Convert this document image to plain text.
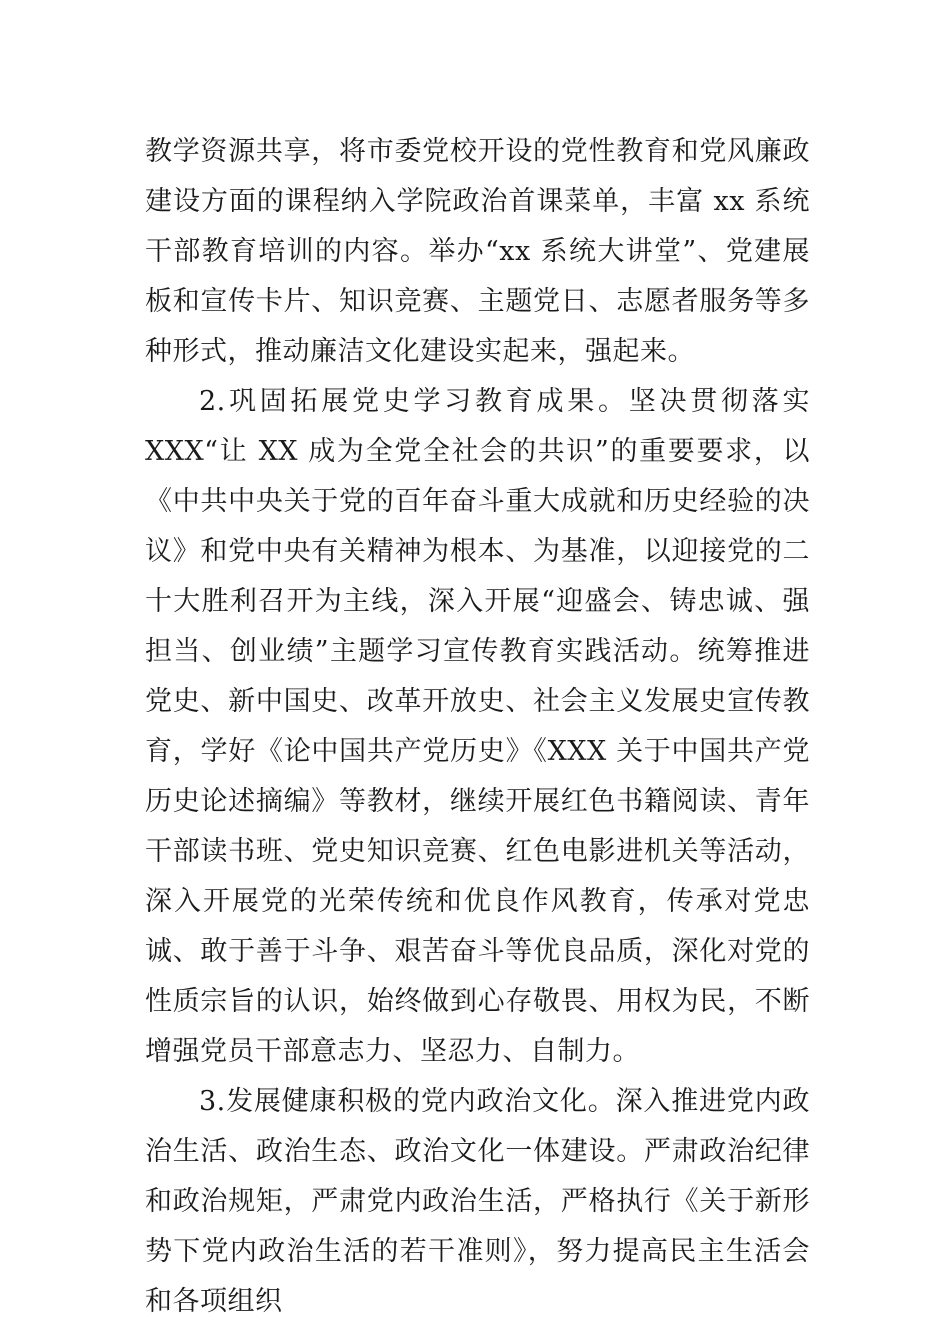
教学资源共享，将市委党校开设的党性教育和党风廉政建设方面的课程纳入学院政治首课菜单，丰富 xx 系统干部教育培训的内容。举办“xx 系统大讲堂”、党建展板和宣传卡片、知识竞赛、主题党日、志愿者服务等多种形式，推动廉洁文化建设实起来，强起来。

2.巩固拓展党史学习教育成果。坚决贯彻落实 XXX“让 XX 成为全党全社会的共识”的重要要求，以《中共中央关于党的百年奋斗重大成就和历史经验的决议》和党中央有关精神为根本、为基准，以迎接党的二十大胜利召开为主线，深入开展“迎盛会、铸忠诚、强担当、创业绩”主题学习宣传教育实践活动。统筹推进党史、新中国史、改革开放史、社会主义发展史宣传教育，学好《论中国共产党历史》《XXX 关于中国共产党历史论述摘编》等教材，继续开展红色书籍阅读、青年干部读书班、党史知识竞赛、红色电影进机关等活动，深入开展党的光荣传统和优良作风教育，传承对党忠诚、敢于善于斗争、艰苦奋斗等优良品质，深化对党的性质宗旨的认识，始终做到心存敬畏、用权为民，不断增强党员干部意志力、坚忍力、自制力。

3.发展健康积极的党内政治文化。深入推进党内政治生活、政治生态、政治文化一体建设。严肃政治纪律和政治规矩，严肃党内政治生活，严格执行《关于新形势下党内政治生活的若干准则》，努力提高民主生活会和各项组织
